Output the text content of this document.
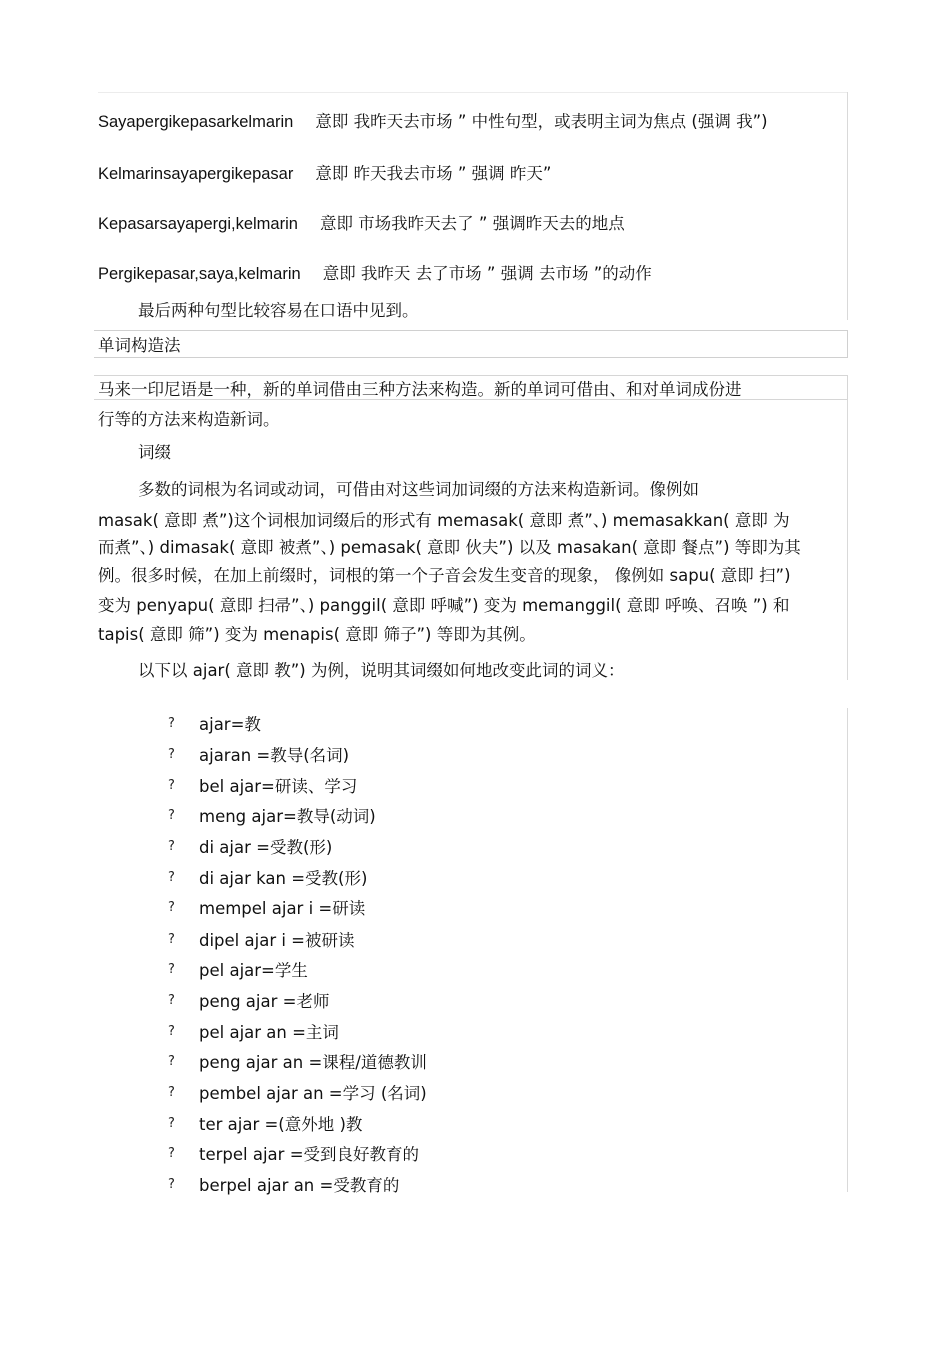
Sayapergikepasarkelmarin 意即 我昨天去市场 ” 中性句型，或表明主词为焦点 (强调 我”)
Kelmarinsayapergikepasar 意即 昨天我去市场 ” 强调 昨天”
Kepasarsayapergi,kelmarin 意即 市场我昨天去了 ” 强调昨天去的地点
Pergikepasar,saya,kelmarin 意即 我昨天 去了市场 ” 强调 去市场 ”的动作
最后两种句型比较容易在口语中见到。
单词构造法
马来一印尼语是一种，新的单词借由三种方法来构造。新的单词可借由、和对单词成份进
行等的方法来构造新词。
词缀
多数的词根为名词或动词，可借由对这些词加词缀的方法来构造新词。像例如
masak( 意即 煮”)这个词根加词缀后的形式有 memasak( 意即 煮”、) memasakkan( 意即 为
而煮”、) dimasak( 意即 被煮”、) pemasak( 意即 伙夫”) 以及 masakan( 意即 餐点”) 等即为其
例。很多时候，在加上前缀时，词根的第一个子音会发生变音的现象， 像例如 sapu( 意即 扫”)
变为 penyapu( 意即 扫帚”、) panggil( 意即 呼喊”) 变为 memanggil( 意即 呼唤、召唤 ”) 和
tapis( 意即 筛”) 变为 menapis( 意即 筛子”) 等即为其例。
以下以 ajar( 意即 教”) 为例，说明其词缀如何地改变此词的词义：
? ajar=教
? ajaran =教导(名词)
? bel ajar=研读、学习
? meng ajar=教导(动词)
? di ajar =受教(形)
? di ajar kan =受教(形)
? mempel ajar i =研读
? dipel ajar i =被研读
? pel ajar=学生
? peng ajar =老师
? pel ajar an =主词
? peng ajar an =课程/道德教训
? pembel ajar an =学习 (名词)
? ter ajar =(意外地 )教
? terpel ajar =受到良好教育的
? berpel ajar an =受教育的
